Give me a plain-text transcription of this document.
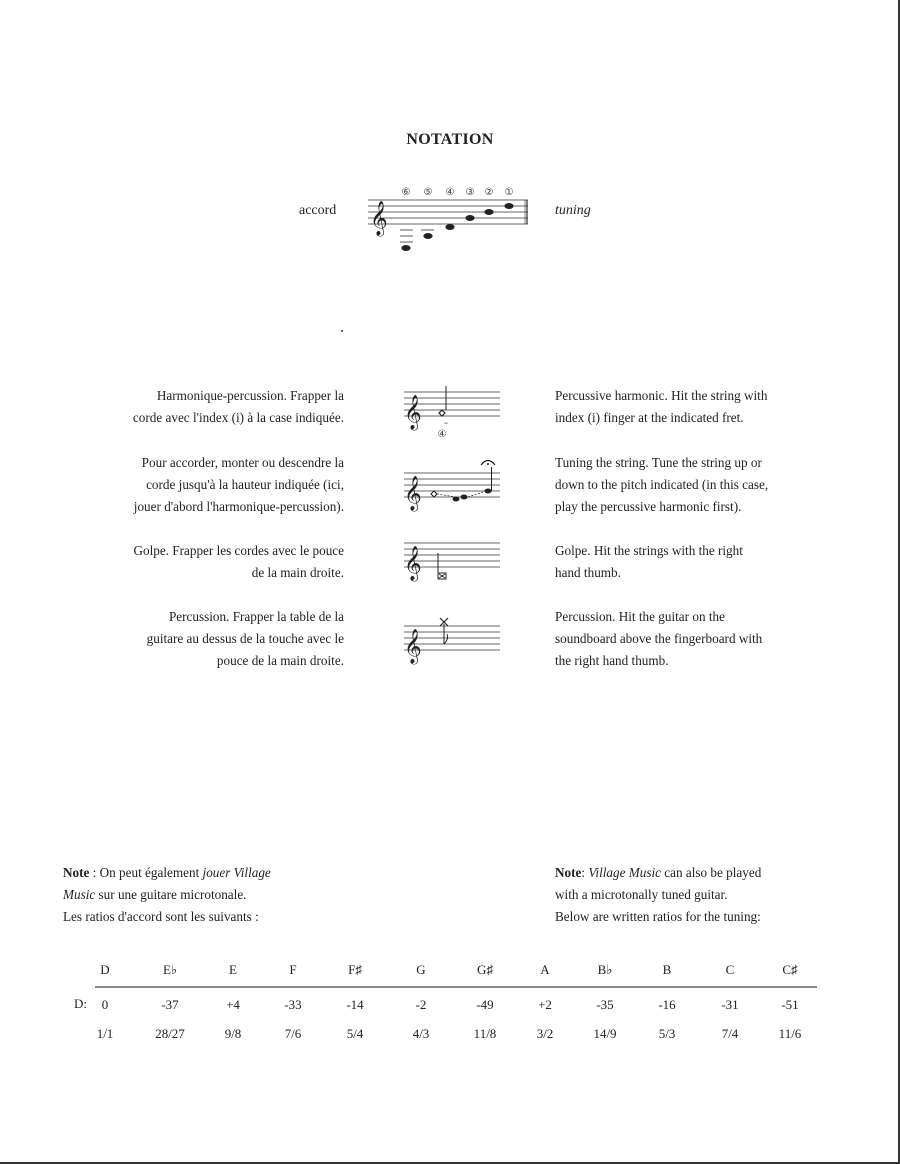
NOTATION
accord 𝄞
⑥ ⑤ ④ ③ ② ①
tuning
Harmonique-percussion. Frapper la
corde avec l'index (i) à la case indiquée. 𝄞	~
④
Percussive harmonic. Hit the string with
index (i) finger at the indicated fret.
Pour accorder, monter ou descendre la
corde jusqu'à la hauteur indiquée (ici,
jouer d'abord l'harmonique-percussion). 𝄞
Tuning the string. Tune the string up or
down to the pitch indicated (in this case,
play the percussive harmonic first).
Golpe. Frapper les cordes avec le pouce
de la main droite. 𝄞	Golpe. Hit the strings with the right
hand thumb.
Percussion. Frapper la table de la
guitare au dessus de la touche avec le
pouce de la main droite. 𝄞
Percussion. Hit the guitar on the
soundboard above the fingerboard with
the right hand thumb.
Note : On peut également jouer Village
Music sur une guitare microtonale.
Les ratios d'accord sont les suivants :
Note: Village Music can also be played
with a microtonally tuned guitar.
Below are written ratios for the tuning:
D	E♭	E	F	F♯	G	G♯	A	B♭	B	C	C♯
D: 0	-37	+4	-33	-14	-2	-49	+2	-35	-16	-31	-51
1/1	28/27	9/8	7/6	5/4	4/3	11/8	3/2	14/9	5/3	7/4	11/6
